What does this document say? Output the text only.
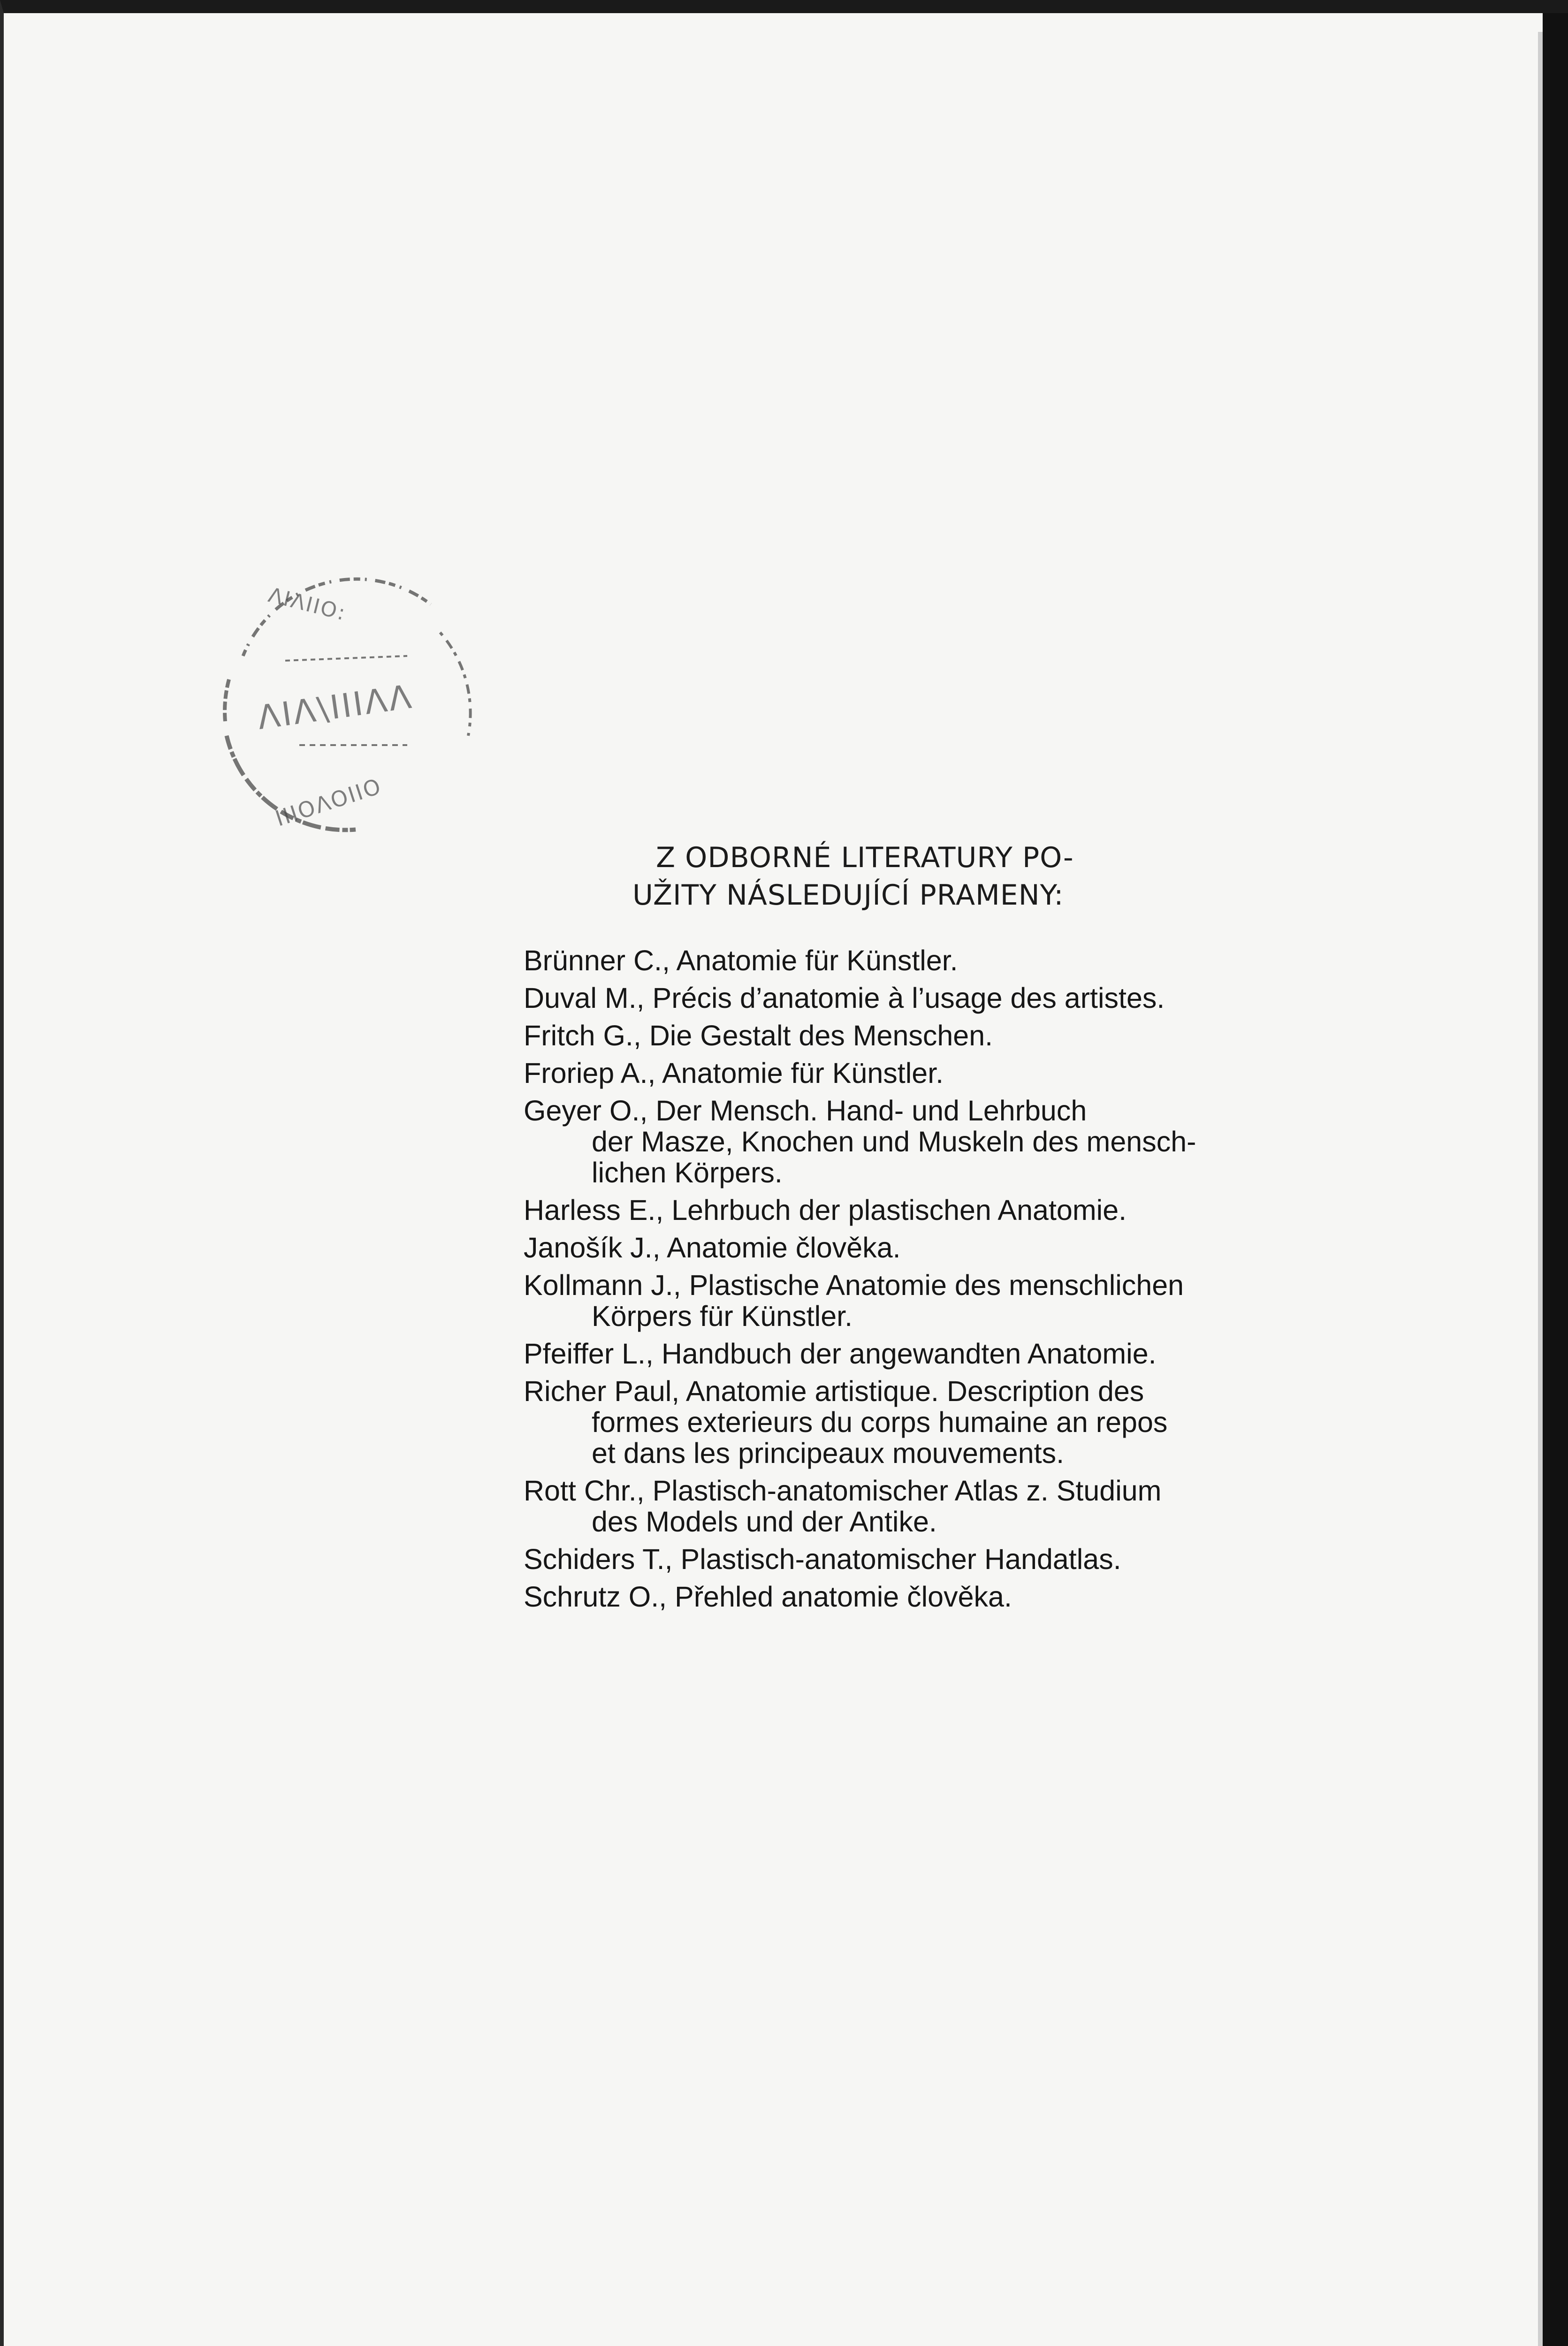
ΛΙΛ\ΙΙΙΛΛ
ΙΙΙΟΛΟΙΙΟ
ΛΙΛΙΙΟ:
Z ODBORNÉ LITERATURY PO-
UŽITY NÁSLEDUJÍCÍ PRAMENY:
Brünner C., Anatomie für Künstler.
Duval M., Précis d’anatomie à l’usage des artistes.
Fritch G., Die Gestalt des Menschen.
Froriep A., Anatomie für Künstler.
Geyer O., Der Mensch. Hand- und Lehrbuch
der Masze, Knochen und Muskeln des mensch-
lichen Körpers.
Harless E., Lehrbuch der plastischen Anatomie.
Janošík J., Anatomie člověka.
Kollmann J., Plastische Anatomie des menschlichen
Körpers für Künstler.
Pfeiffer L., Handbuch der angewandten Anatomie.
Richer Paul, Anatomie artistique. Description des
formes exterieurs du corps humaine an repos
et dans les principeaux mouvements.
Rott Chr., Plastisch-anatomischer Atlas z. Studium
des Models und der Antike.
Schiders T., Plastisch-anatomischer Handatlas.
Schrutz O., Přehled anatomie člověka.
